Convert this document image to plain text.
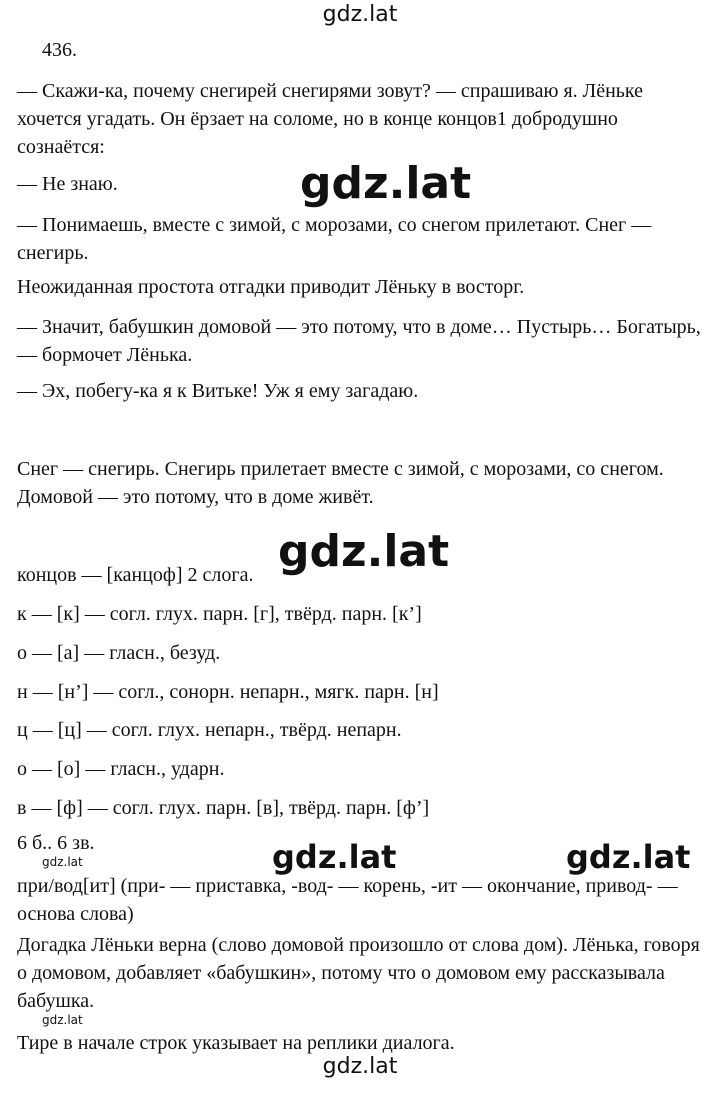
gdz.lat

436.

— Скажи-ка, почему снегирей снегирями зовут? — спрашиваю я. Лёньке хочется угадать. Он ёрзает на соломе, но в конце концов1 добродушно сознаётся:

— Не знаю.

— Понимаешь, вместе с зимой, с морозами, со снегом прилетают. Снег — снегирь.

Неожиданная простота отгадки приводит Лёньку в восторг.

— Значит, бабушкин домовой — это потому, что в доме… Пустырь… Богатырь, — бормочет Лёнька.

— Эх, побегу-ка я к Витьке! Уж я ему загадаю.

Снег — снегирь. Снегирь прилетает вместе с зимой, с морозами, со снегом. Домовой — это потому, что в доме живёт.

концов — [канцоф] 2 слога.

к — [к] — согл. глух. парн. [г], твёрд. парн. [к’]

о — [а] — гласн., безуд.

н — [н’] — согл., сонорн. непарн., мягк. парн. [н]

ц — [ц] — согл. глух. непарн., твёрд. непарн.

о — [о] — гласн., ударн.

в — [ф] — согл. глух. парн. [в], твёрд. парн. [ф’]

6 б.. 6 зв.

при/вод[ит] (при- — приставка, -вод- — корень, -ит — окончание, привод- — основа слова)

Догадка Лёньки верна (слово домовой произошло от слова дом). Лёнька, говоря о домовом, добавляет «бабушкин», потому что о домовом ему рассказывала бабушка.

Тире в начале строк указывает на реплики диалога.

gdz.lat
gdz.lat
gdz.lat	gdz.lat
gdz.lat
gdz.lat
gdz.lat
